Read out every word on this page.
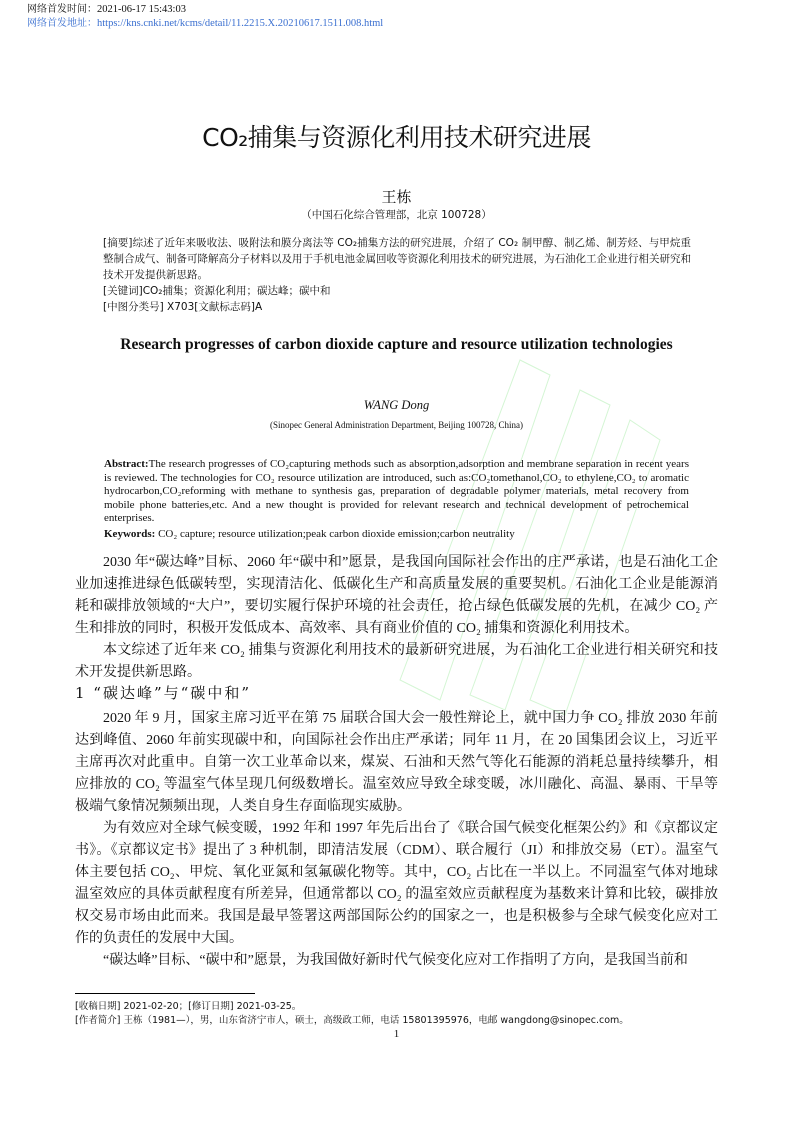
网络首发时间：2021-06-17 15:43:03
网络首发地址：https://kns.cnki.net/kcms/detail/11.2215.X.20210617.1511.008.html
CO₂捕集与资源化利用技术研究进展
王栋
（中国石化综合管理部，北京 100728）
[摘要]综述了近年来吸收法、吸附法和膜分离法等 CO₂捕集方法的研究进展，介绍了 CO₂ 制甲醇、制乙烯、制芳烃、与甲烷重整制合成气、制备可降解高分子材料以及用于手机电池金属回收等资源化利用技术的研究进展，为石油化工企业进行相关研究和技术开发提供新思路。
[关键词]CO₂捕集；资源化利用；碳达峰；碳中和
[中图分类号] X703[文献标志码]A
Research progresses of carbon dioxide capture and resource utilization technologies
WANG Dong
(Sinopec General Administration Department, Beijing 100728, China)
Abstract:The research progresses of CO₂capturing methods such as absorption,adsorption and membrane separation in recent years is reviewed. The technologies for CO₂ resource utilization are introduced, such as:CO₂tomethanol,CO₂ to ethylene,CO₂ to aromatic hydrocarbon,CO₂reforming with methane to synthesis gas, preparation of degradable polymer materials, metal recovery from mobile phone batteries,etc. And a new thought is provided for relevant research and technical development of petrochemical enterprises.
Keywords: CO₂ capture; resource utilization;peak carbon dioxide emission;carbon neutrality

2030 年“碳达峰”目标、2060 年“碳中和”愿景，是我国向国际社会作出的庄严承诺，也是石油化工企业加速推进绿色低碳转型，实现清洁化、低碳化生产和高质量发展的重要契机。石油化工企业是能源消耗和碳排放领域的“大户”，要切实履行保护环境的社会责任，抢占绿色低碳发展的先机，在减少 CO₂ 产生和排放的同时，积极开发低成本、高效率、具有商业价值的 CO₂ 捕集和资源化利用技术。

本文综述了近年来 CO₂ 捕集与资源化利用技术的最新研究进展，为石油化工企业进行相关研究和技术开发提供新思路。

1 “碳达峰”与“碳中和”

2020 年 9 月，国家主席习近平在第 75 届联合国大会一般性辩论上，就中国力争 CO₂ 排放 2030 年前达到峰值、2060 年前实现碳中和，向国际社会作出庄严承诺；同年 11 月，在 20 国集团会议上，习近平主席再次对此重申。自第一次工业革命以来，煤炭、石油和天然气等化石能源的消耗总量持续攀升，相应排放的 CO₂ 等温室气体呈现几何级数增长。温室效应导致全球变暖，冰川融化、高温、暴雨、干旱等极端气象情况频频出现，人类自身生存面临现实威胁。

为有效应对全球气候变暖，1992 年和 1997 年先后出台了《联合国气候变化框架公约》和《京都议定书》。《京都议定书》提出了 3 种机制，即清洁发展（CDM）、联合履行（JI）和排放交易（ET）。温室气体主要包括 CO₂、甲烷、氧化亚氮和氢氟碳化物等。其中，CO₂ 占比在一半以上。不同温室气体对地球温室效应的具体贡献程度有所差异，但通常都以 CO₂ 的温室效应贡献程度为基数来计算和比较，碳排放权交易市场由此而来。我国是最早签署这两部国际公约的国家之一，也是积极参与全球气候变化应对工作的负责任的发展中大国。

“碳达峰”目标、“碳中和”愿景，为我国做好新时代气候变化应对工作指明了方向，是我国当前和

[收稿日期] 2021-02-20；[修订日期] 2021-03-25。
[作者简介] 王栋（1981—），男，山东省济宁市人，硕士，高级政工师，电话 15801395976，电邮 wangdong@sinopec.com。
1
